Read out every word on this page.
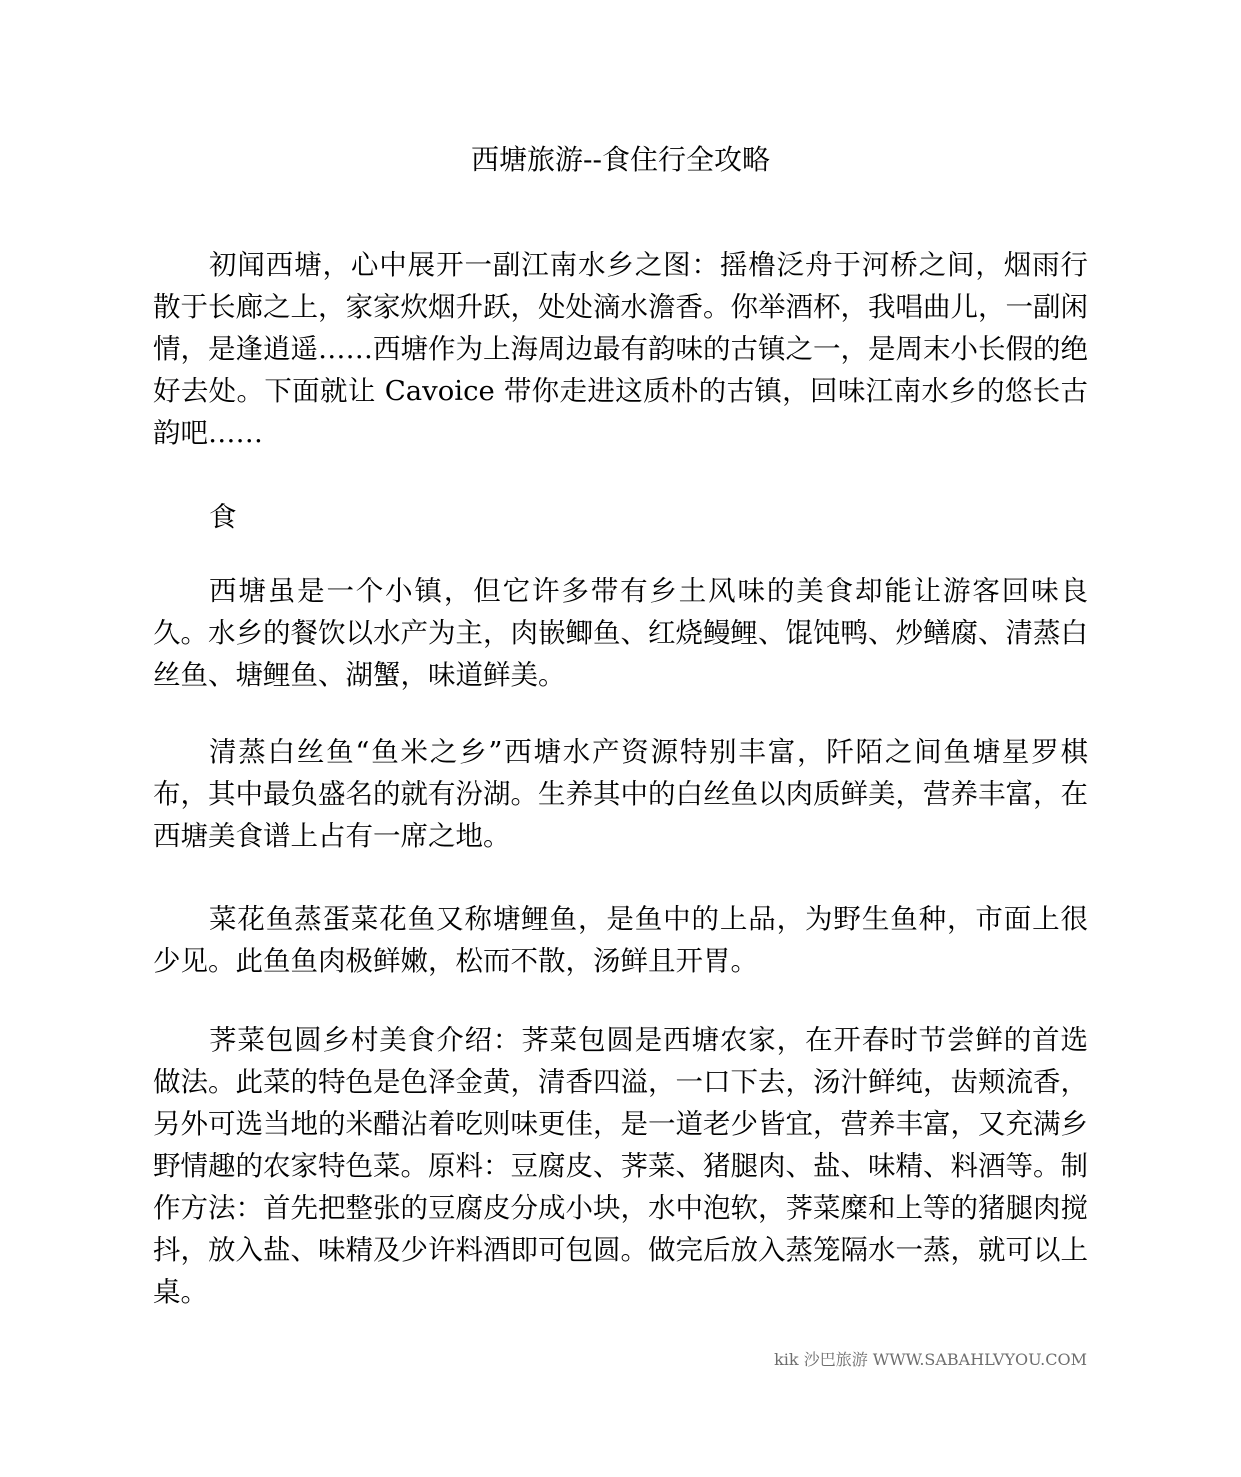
西塘旅游--食住行全攻略

初闻西塘，心中展开一副江南水乡之图：摇橹泛舟于河桥之间，烟雨行散于长廊之上，家家炊烟升跃，处处滴水澹香。你举酒杯，我唱曲儿，一副闲情，是逢逍遥……西塘作为上海周边最有韵味的古镇之一，是周末小长假的绝好去处。下面就让 Cavoice 带你走进这质朴的古镇，回味江南水乡的悠长古韵吧……

食

西塘虽是一个小镇，但它许多带有乡土风味的美食却能让游客回味良久。水乡的餐饮以水产为主，肉嵌鲫鱼、红烧鳗鲤、馄饨鸭、炒鳝腐、清蒸白丝鱼、塘鲤鱼、湖蟹，味道鲜美。

清蒸白丝鱼“鱼米之乡”西塘水产资源特别丰富，阡陌之间鱼塘星罗棋布，其中最负盛名的就有汾湖。生养其中的白丝鱼以肉质鲜美，营养丰富，在西塘美食谱上占有一席之地。

菜花鱼蒸蛋菜花鱼又称塘鲤鱼，是鱼中的上品，为野生鱼种，市面上很少见。此鱼鱼肉极鲜嫩，松而不散，汤鲜且开胃。

荠菜包圆乡村美食介绍：荠菜包圆是西塘农家，在开春时节尝鲜的首选做法。此菜的特色是色泽金黄，清香四溢，一口下去，汤汁鲜纯，齿颊流香，另外可选当地的米醋沾着吃则味更佳，是一道老少皆宜，营养丰富，又充满乡野情趣的农家特色菜。原料：豆腐皮、荠菜、猪腿肉、盐、味精、料酒等。制作方法：首先把整张的豆腐皮分成小块，水中泡软，荠菜糜和上等的猪腿肉搅抖，放入盐、味精及少许料酒即可包圆。做完后放入蒸笼隔水一蒸，就可以上桌。

kik 沙巴旅游 WWW.SABAHLVYOU.COM
